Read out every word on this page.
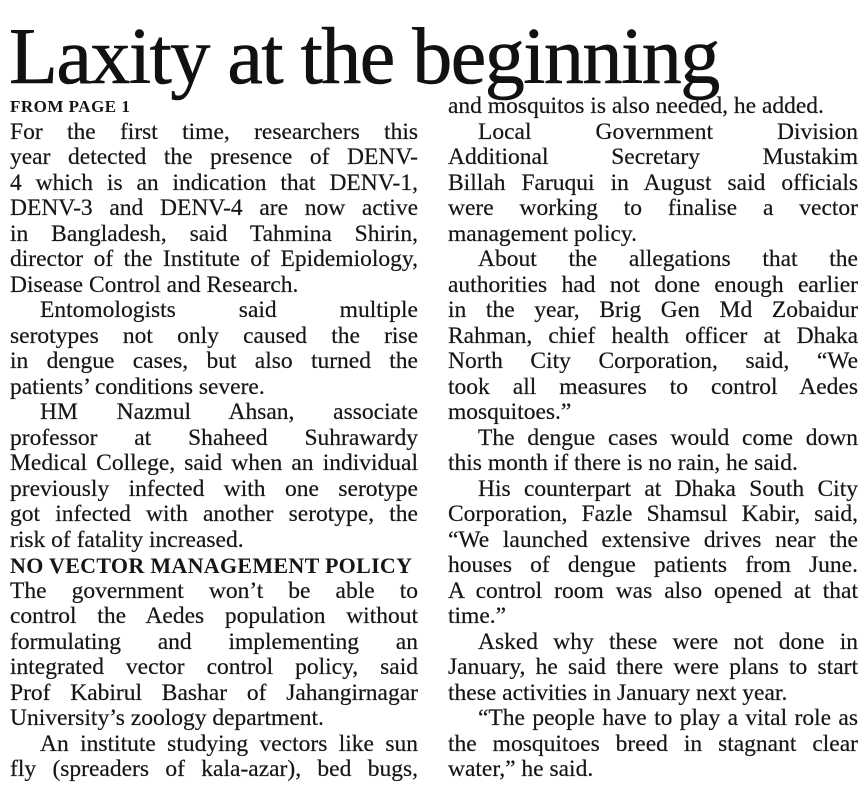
Laxity at the beginning
FROM PAGE 1
For the first time, researchers this
year detected the presence of DENV-
4 which is an indication that DENV-1,
DENV-3 and DENV-4 are now active
in Bangladesh, said Tahmina Shirin,
director of the Institute of Epidemiology,
Disease Control and Research.
Entomologists said multiple
serotypes not only caused the rise
in dengue cases, but also turned the
patients’ conditions severe.
HM Nazmul Ahsan, associate
professor at Shaheed Suhrawardy
Medical College, said when an individual
previously infected with one serotype
got infected with another serotype, the
risk of fatality increased.
NO VECTOR MANAGEMENT POLICY
The government won’t be able to
control the Aedes population without
formulating and implementing an
integrated vector control policy, said
Prof Kabirul Bashar of Jahangirnagar
University’s zoology department.
An institute studying vectors like sun
fly (spreaders of kala-azar), bed bugs,
and mosquitos is also needed, he added.
Local Government Division
Additional Secretary Mustakim
Billah Faruqui in August said officials
were working to finalise a vector
management policy.
About the allegations that the
authorities had not done enough earlier
in the year, Brig Gen Md Zobaidur
Rahman, chief health officer at Dhaka
North City Corporation, said, “We
took all measures to control Aedes
mosquitoes.”
The dengue cases would come down
this month if there is no rain, he said.
His counterpart at Dhaka South City
Corporation, Fazle Shamsul Kabir, said,
“We launched extensive drives near the
houses of dengue patients from June.
A control room was also opened at that
time.”
Asked why these were not done in
January, he said there were plans to start
these activities in January next year.
“The people have to play a vital role as
the mosquitoes breed in stagnant clear
water,” he said.
